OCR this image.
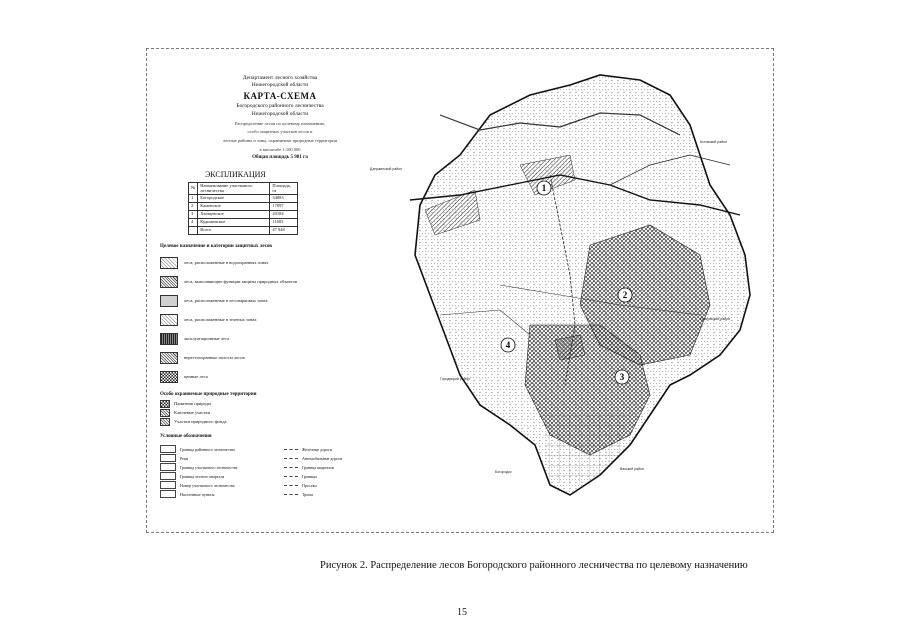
Департамент лесного хозяйства
Нижегородской области
КАРТА-СХЕМА
Богородского районного лесничества
Нижегородской области
Распределение лесов по целевому назначению,
особо защитных участков лесов и
лесные районы и зоны, охраняемые природные территории
в масштабе 1:100 000
Общая площадь 5 981 га
ЭКСПЛИКАЦИЯ
№	Наименование участкового лесничества	Площадь, га
1	Богородское	34083
2	Каменское	17097
3	Хвощевское	20184
4	Кудьминское	11683
	Всего	47 948
Целевое назначение и категории защитных лесов
леса, расположенные в водоохранных зонах
леса, выполняющие функции защиты природных объектов
леса, расположенные в лесопарковых зонах
леса, расположенные в зеленых зонах
эксплуатационные леса
нерестоохранные полосы лесов
ценные леса
Особо охраняемые природные территории
Памятник природы
Ключевые участки
Участки природного фонда
Условные обозначения
Граница районного лесничества	Железные дороги
Реки	Автомобильные дороги
Граница участкового лесничества	Граница кварталов
Граница лесного квартала	Границы
Номер участкового лесничества	Просеки
Населенные пункты	Тропы
1
2
3
4
Кстовский район
Дзержинский район
Павловский район
Вачский район
Городецкий район
Богородск
Рисунок 2. Распределение лесов Богородского районного лесничества по целевому назначению
15
